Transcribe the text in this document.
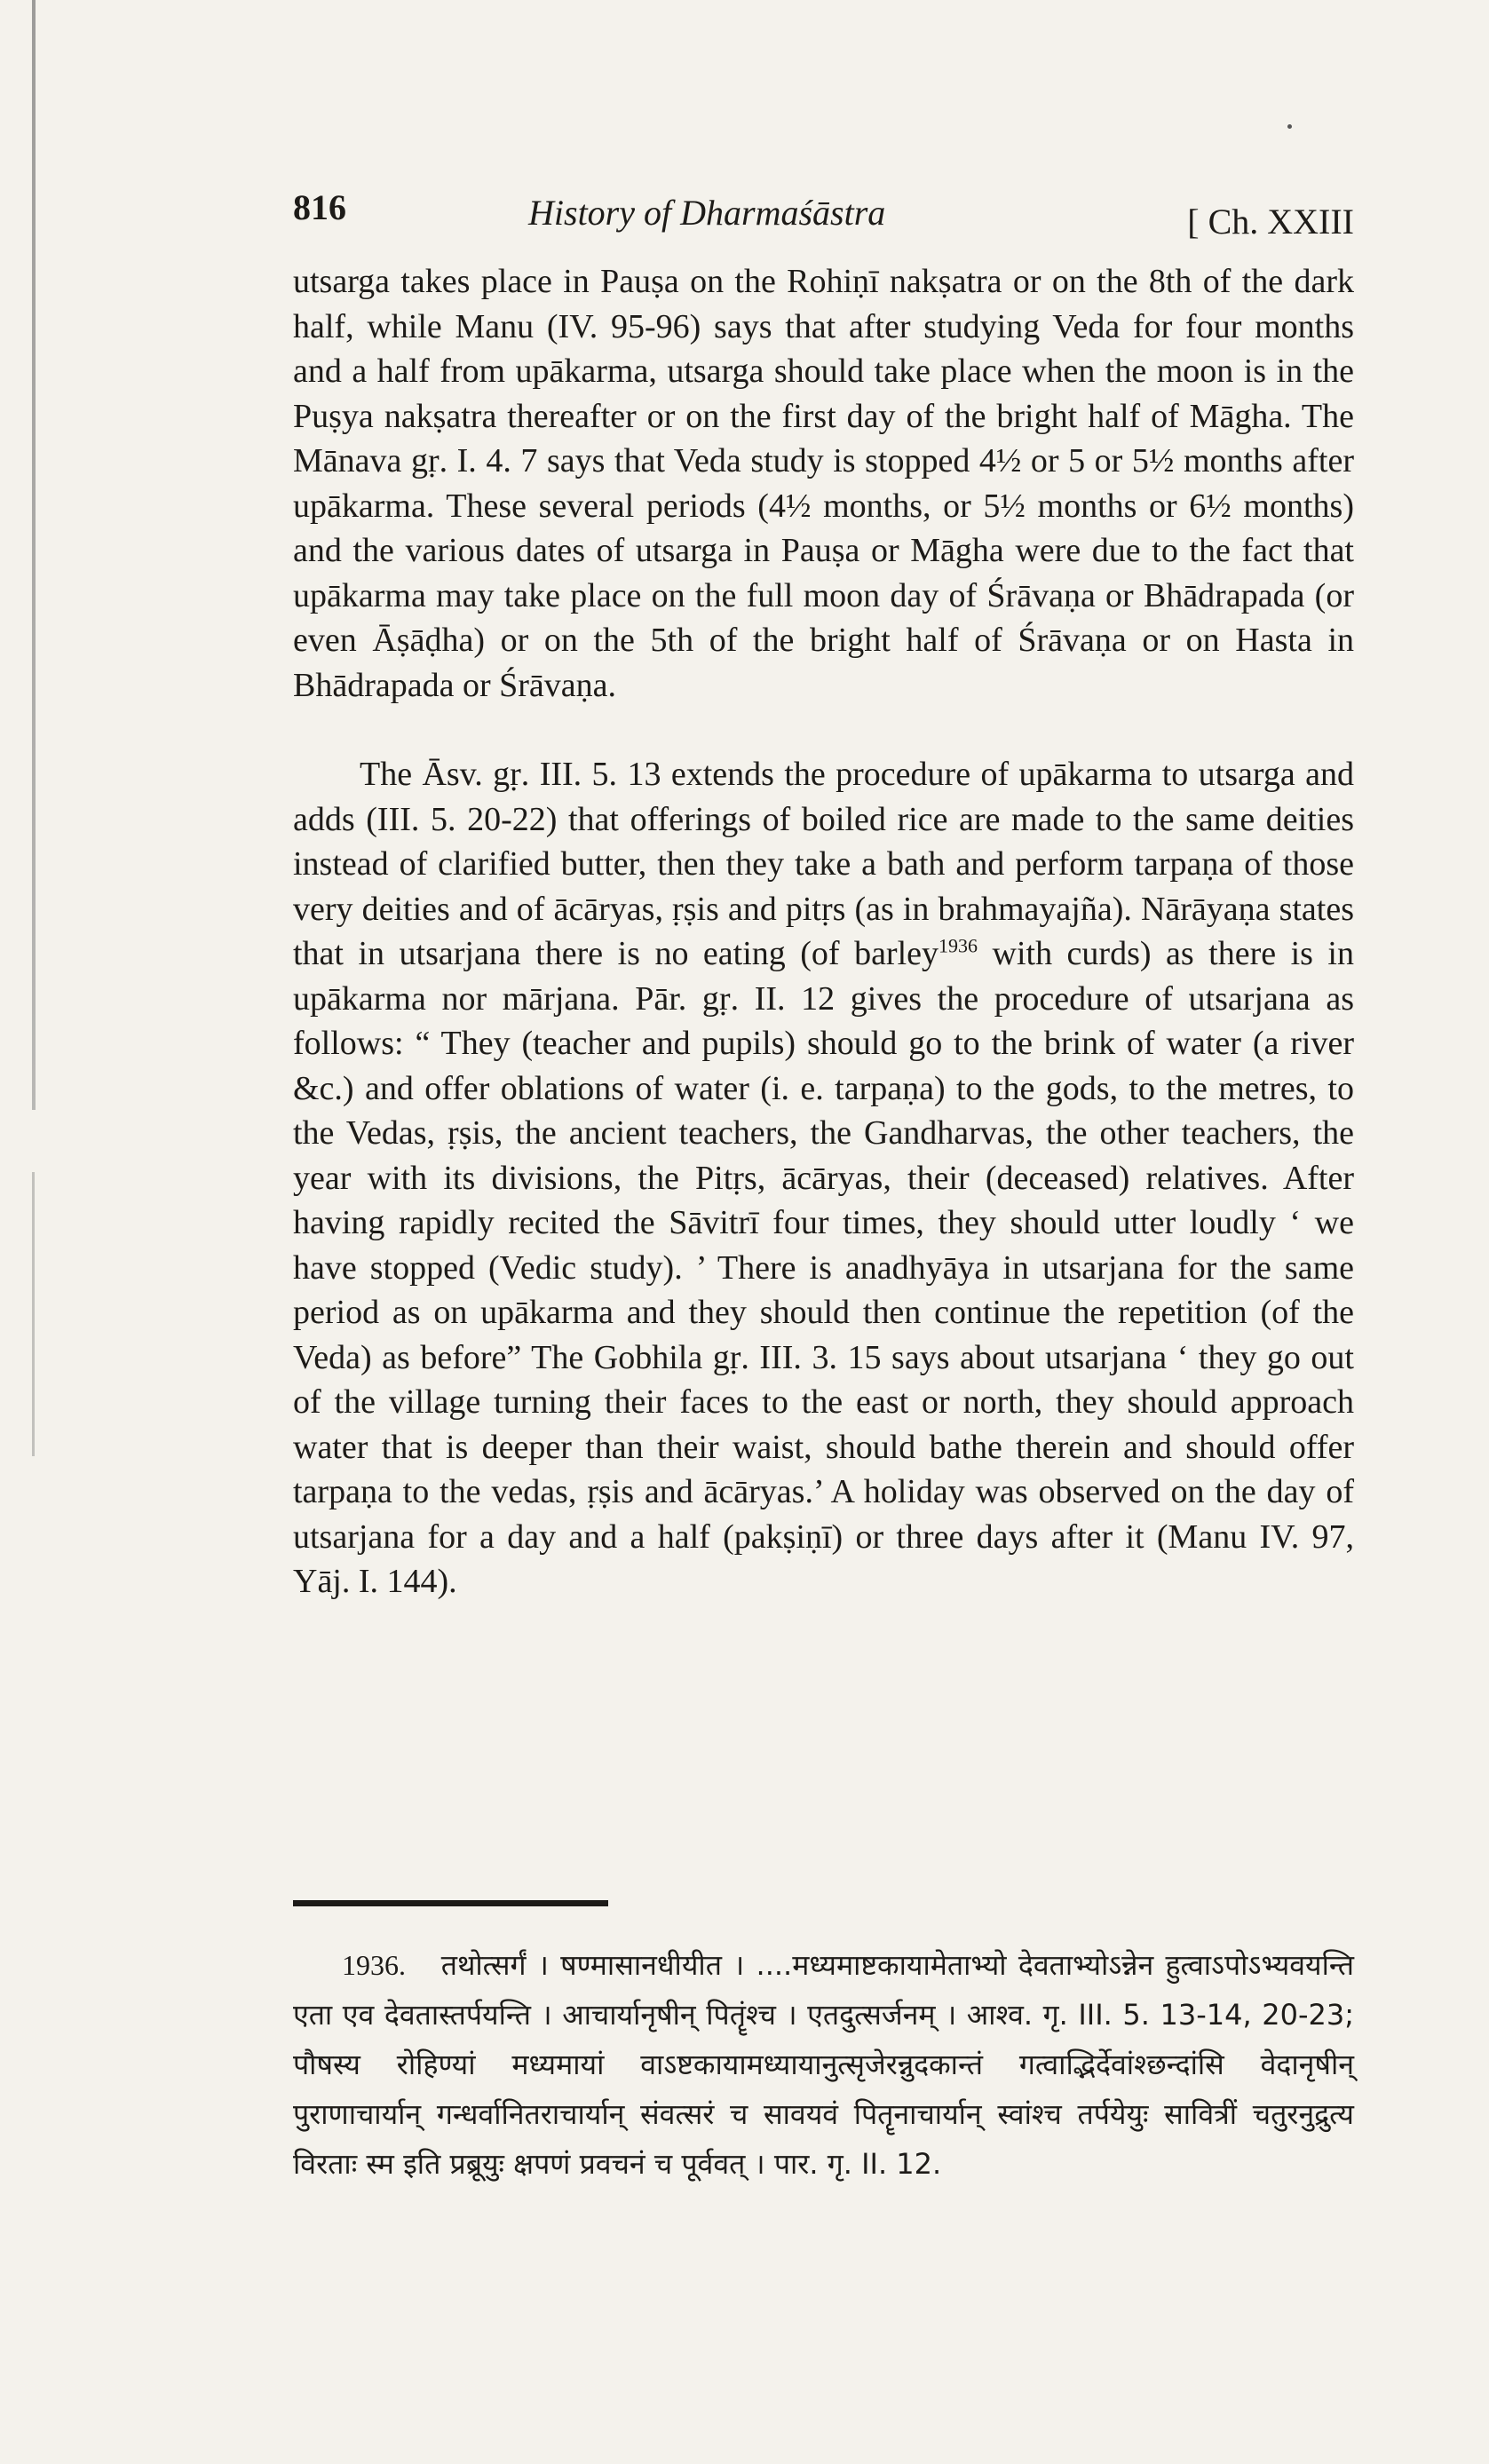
816	History of Dharmaśāstra	[ Ch. XXIII

utsarga takes place in Pauṣa on the Rohiṇī nakṣatra or on the 8th of the dark half, while Manu (IV. 95-96) says that after studying Veda for four months and a half from upākarma, utsarga should take place when the moon is in the Puṣya nakṣatra thereafter or on the first day of the bright half of Māgha. The Mānava gṛ. I. 4. 7 says that Veda study is stopped 4½ or 5 or 5½ months after upākarma. These several periods (4½ months, or 5½ months or 6½ months) and the various dates of utsarga in Pauṣa or Māgha were due to the fact that upākarma may take place on the full moon day of Śrāvaṇa or Bhādrapada (or even Āṣāḍha) or on the 5th of the bright half of Śrāvaṇa or on Hasta in Bhādrapada or Śrāvaṇa.

The Āsv. gṛ. III. 5. 13 extends the procedure of upākarma to utsarga and adds (III. 5. 20-22) that offerings of boiled rice are made to the same deities instead of clarified butter, then they take a bath and perform tarpaṇa of those very deities and of ācāryas, ṛṣis and pitṛs (as in brahmayajña). Nārāyaṇa states that in utsarjana there is no eating (of barley$^{1936}$ with curds) as there is in upākarma nor mārjana. Pār. gṛ. II. 12 gives the procedure of utsarjana as follows: “ They (teacher and pupils) should go to the brink of water (a river &c.) and offer oblations of water (i. e. tarpaṇa) to the gods, to the metres, to the Vedas, ṛṣis, the ancient teachers, the Gandharvas, the other teachers, the year with its divisions, the Pitṛs, ācāryas, their (deceased) relatives. After having rapidly recited the Sāvitrī four times, they should utter loudly ‘ we have stopped (Vedic study). ’ There is anadhyāya in utsarjana for the same period as on upākarma and they should then continue the repetition (of the Veda) as before” The Gobhila gṛ. III. 3. 15 says about utsarjana ‘ they go out of the village turning their faces to the east or north, they should approach water that is deeper than their waist, should bathe therein and should offer tarpaṇa to the vedas, ṛṣis and ācāryas.’ A holiday was observed on the day of utsarjana for a day and a half (pakṣiṇī) or three days after it (Manu IV. 97, Yāj. I. 144).

1936. तथोत्सर्गं । षण्मासानधीयीत । ....मध्यमाष्टकायामेताभ्यो देवताभ्योऽन्नेन हुत्वाऽपोऽभ्यवयन्ति एता एव देवतास्तर्पयन्ति । आचार्यानृषीन् पितॄंश्च । एतदुत्सर्जनम् । आश्व. गृ. III. 5. 13-14, 20-23; पौषस्य रोहिण्यां मध्यमायां वाऽष्टकायामध्यायानुत्सृजेरन्नुदकान्तं गत्वाद्भिर्देवांश्छन्दांसि वेदानृषीन् पुराणाचार्यान् गन्धर्वानितराचार्यान् संवत्सरं च सावयवं पितॄनाचार्यान् स्वांश्च तर्पयेयुः सावित्रीं चतुरनुद्रुत्य विरताः स्म इति प्रब्रूयुः क्षपणं प्रवचनं च पूर्ववत् । पार. गृ. II. 12.
